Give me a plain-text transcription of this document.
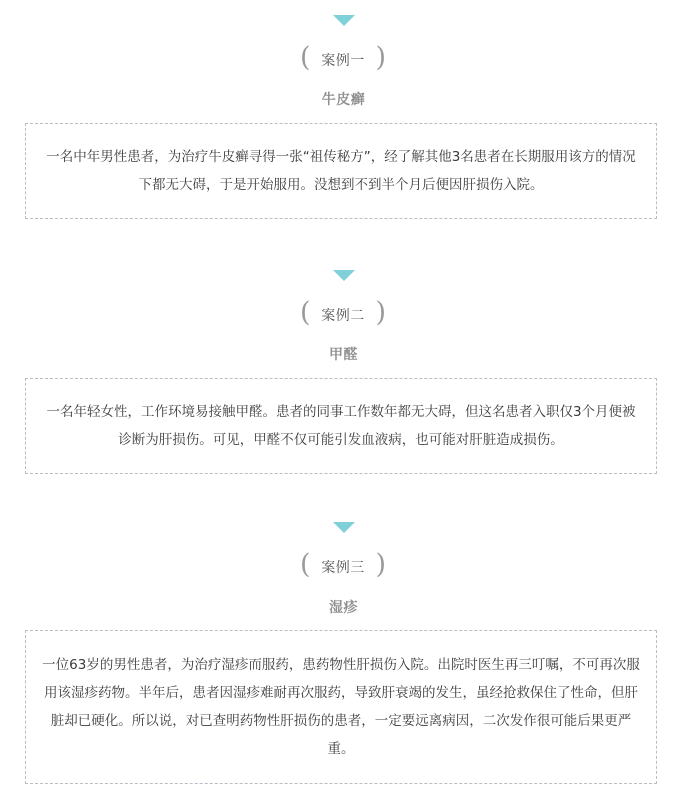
( 案例一 )
牛皮癣

一名中年男性患者，为治疗牛皮癣寻得一张“祖传秘方”，经了解其他3名患者在长期服用该方的情况下都无大碍，于是开始服用。没想到不到半个月后便因肝损伤入院。

( 案例二 )
甲醛

一名年轻女性，工作环境易接触甲醛。患者的同事工作数年都无大碍，但这名患者入职仅3个月便被诊断为肝损伤。可见，甲醛不仅可能引发血液病，也可能对肝脏造成损伤。

( 案例三 )
湿疹

一位63岁的男性患者，为治疗湿疹而服药，患药物性肝损伤入院。出院时医生再三叮嘱，不可再次服用该湿疹药物。半年后，患者因湿疹难耐再次服药，导致肝衰竭的发生，虽经抢救保住了性命，但肝脏却已硬化。所以说，对已查明药物性肝损伤的患者，一定要远离病因，二次发作很可能后果更严重。
